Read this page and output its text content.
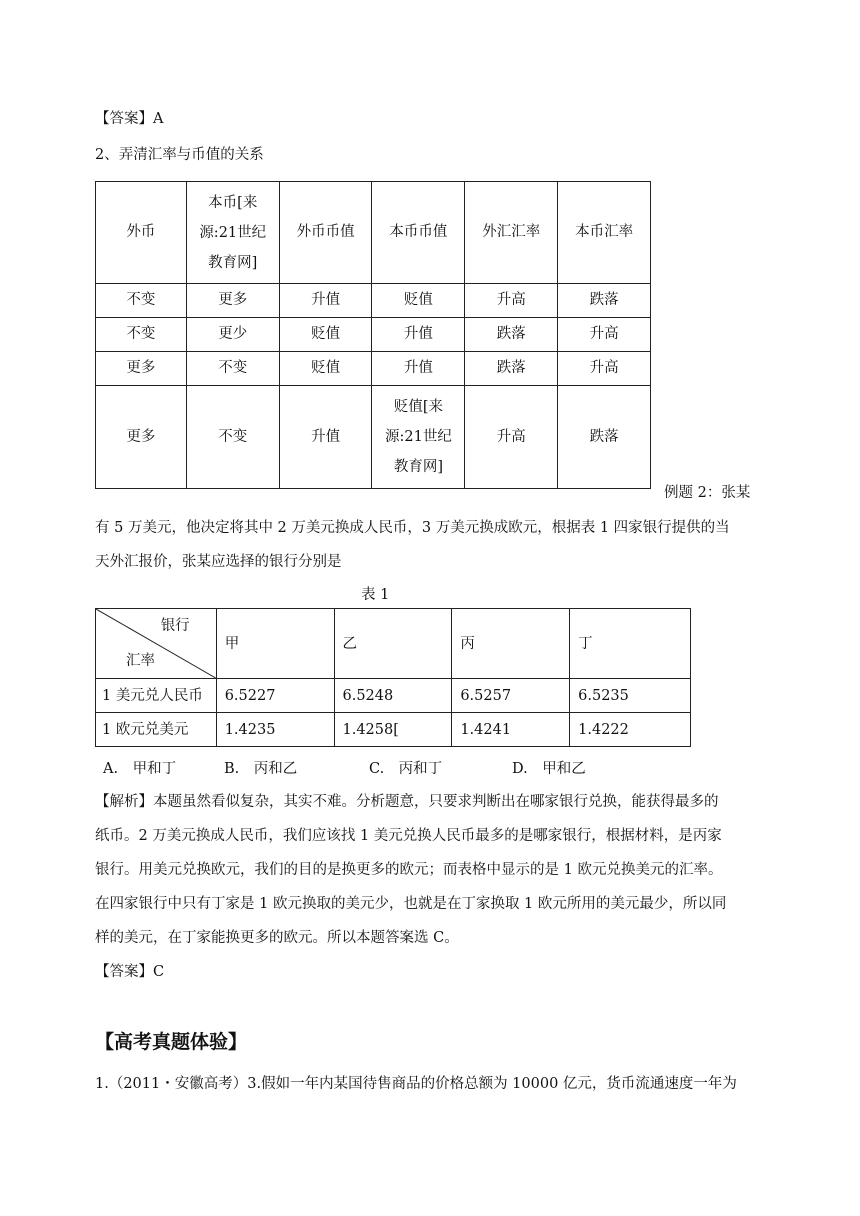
【答案】A
2、弄清汇率与币值的关系
外币	本币[来源:21世纪教育网]	外币币值	本币币值	外汇汇率	本币汇率
不变	更多	升值	贬值	升高	跌落
不变	更少	贬值	升值	跌落	升高
更多	不变	贬值	升值	跌落	升高
更多	不变	升值	贬值[来源:21世纪教育网]	升高	跌落
例题 2：张某
有 5 万美元，他决定将其中 2 万美元换成人民币，3 万美元换成欧元，根据表 1 四家银行提供的当
天外汇报价，张某应选择的银行分别是
表 1
银行
汇率	甲	乙	丙	丁
1 美元兑人民币	6.5227	6.5248	6.5257	6.5235
1 欧元兑美元	1.4235	1.4258[	1.4241	1.4222
A.　甲和丁	B.　丙和乙	C.　丙和丁	D.　甲和乙
【解析】本题虽然看似复杂，其实不难。分析题意，只要求判断出在哪家银行兑换，能获得最多的
纸币。2 万美元换成人民币，我们应该找 1 美元兑换人民币最多的是哪家银行，根据材料，是丙家
银行。用美元兑换欧元，我们的目的是换更多的欧元；而表格中显示的是 1 欧元兑换美元的汇率。
在四家银行中只有丁家是 1 欧元换取的美元少，也就是在丁家换取 1 欧元所用的美元最少，所以同
样的美元，在丁家能换更多的欧元。所以本题答案选 C。
【答案】C
【高考真题体验】
1.（2011・安徽高考）3.假如一年内某国待售商品的价格总额为 10000 亿元，货币流通速度一年为
